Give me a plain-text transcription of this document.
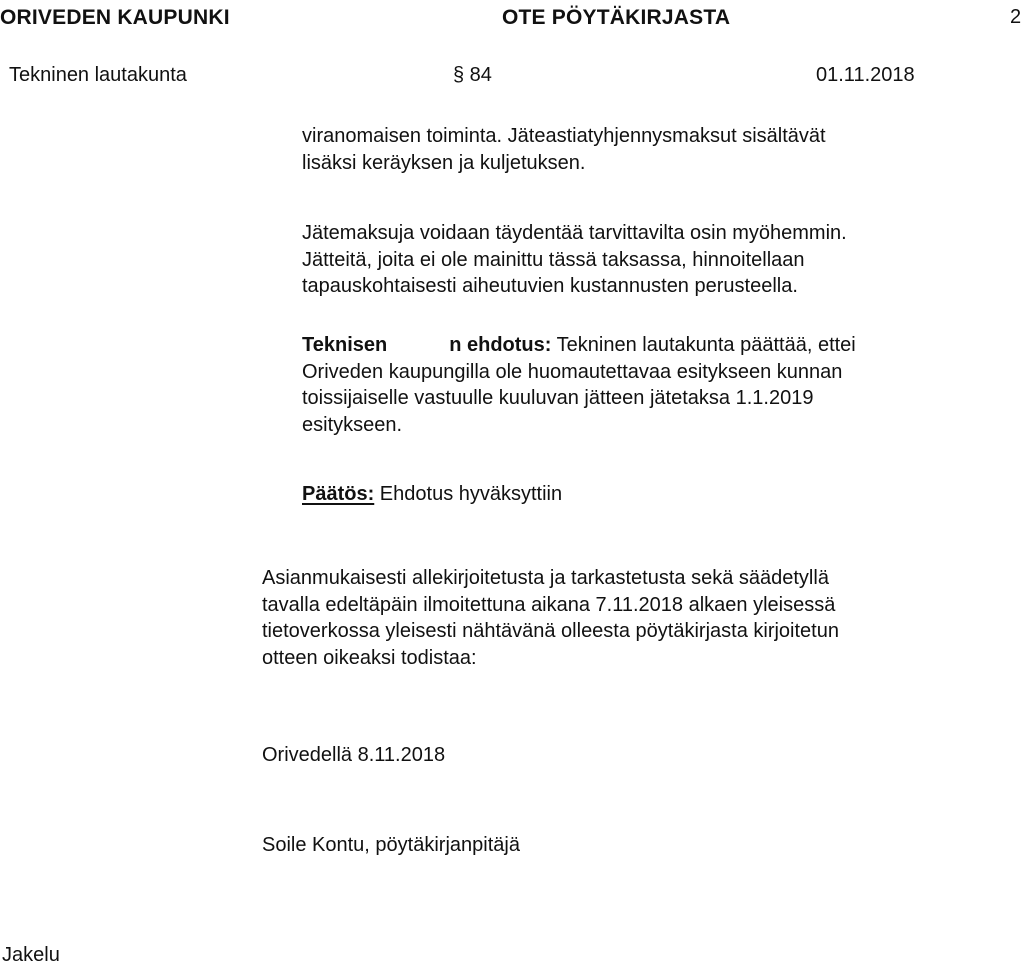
ORIVEDEN KAUPUNKI	OTE PÖYTÄKIRJASTA	2
Tekninen lautakunta	§ 84	01.11.2018
viranomaisen toiminta. Jäteastiatyhjennysmaksut sisältävät
lisäksi keräyksen ja kuljetuksen.
Jätemaksuja voidaan täydentää tarvittavilta osin myöhemmin.
Jätteitä, joita ei ole mainittu tässä taksassa, hinnoitellaan
tapauskohtaisesti aiheutuvien kustannusten perusteella.
Teknisen	n ehdotus: Tekninen lautakunta päättää, ettei
Oriveden kaupungilla ole huomautettavaa esitykseen kunnan
toissijaiselle vastuulle kuuluvan jätteen jätetaksa 1.1.2019
esitykseen.
Päätös: Ehdotus hyväksyttiin
Asianmukaisesti allekirjoitetusta ja tarkastetusta sekä säädetyllä
tavalla edeltäpäin ilmoitettuna aikana 7.11.2018 alkaen yleisessä
tietoverkossa yleisesti nähtävänä olleesta pöytäkirjasta kirjoitetun
otteen oikeaksi todistaa:
Orivedellä 8.11.2018
Soile Kontu, pöytäkirjanpitäjä
Jakelu
